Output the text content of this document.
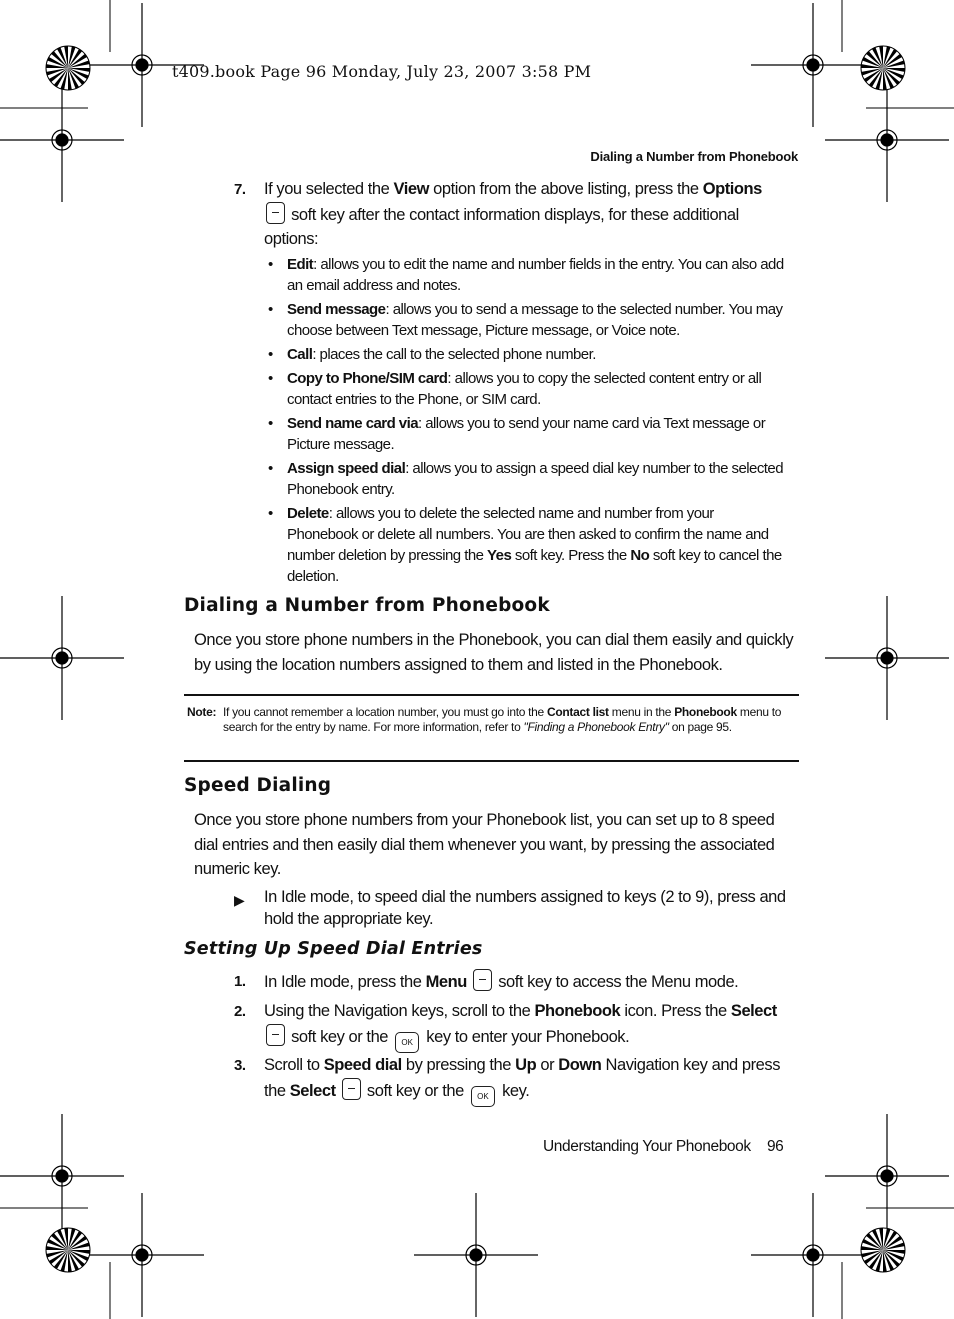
t409.book Page 96 Monday, July 23, 2007 3:58 PM
Dialing a Number from Phonebook
7. If you selected the View option from the above listing, press the Options
soft key after the contact information displays, for these additional options:
• Edit: allows you to edit the name and number fields in the entry. You can also add an email address and notes.
• Send message: allows you to send a message to the selected number. You may choose between Text message, Picture message, or Voice note.
• Call: places the call to the selected phone number.
• Copy to Phone/SIM card: allows you to copy the selected content entry or all contact entries to the Phone, or SIM card.
• Send name card via: allows you to send your name card via Text message or Picture message.
• Assign speed dial: allows you to assign a speed dial key number to the selected Phonebook entry.
• Delete: allows you to delete the selected name and number from your Phonebook or delete all numbers. You are then asked to confirm the name and number deletion by pressing the Yes soft key. Press the No soft key to cancel the deletion.
Dialing a Number from Phonebook
Once you store phone numbers in the Phonebook, you can dial them easily and quickly by using the location numbers assigned to them and listed in the Phonebook.
Note: If you cannot remember a location number, you must go into the Contact list menu in the Phonebook menu to search for the entry by name. For more information, refer to "Finding a Phonebook Entry" on page 95.
Speed Dialing
Once you store phone numbers from your Phonebook list, you can set up to 8 speed dial entries and then easily dial them whenever you want, by pressing the associated numeric key.
▶ In Idle mode, to speed dial the numbers assigned to keys (2 to 9), press and hold the appropriate key.
Setting Up Speed Dial Entries
1. In Idle mode, press the Menu  soft key to access the Menu mode.
2. Using the Navigation keys, scroll to the Phonebook icon. Press the Select
soft key or the OK key to enter your Phonebook.
3. Scroll to Speed dial by pressing the Up or Down Navigation key and press the Select  soft key or the OK key.
Understanding Your Phonebook 96
